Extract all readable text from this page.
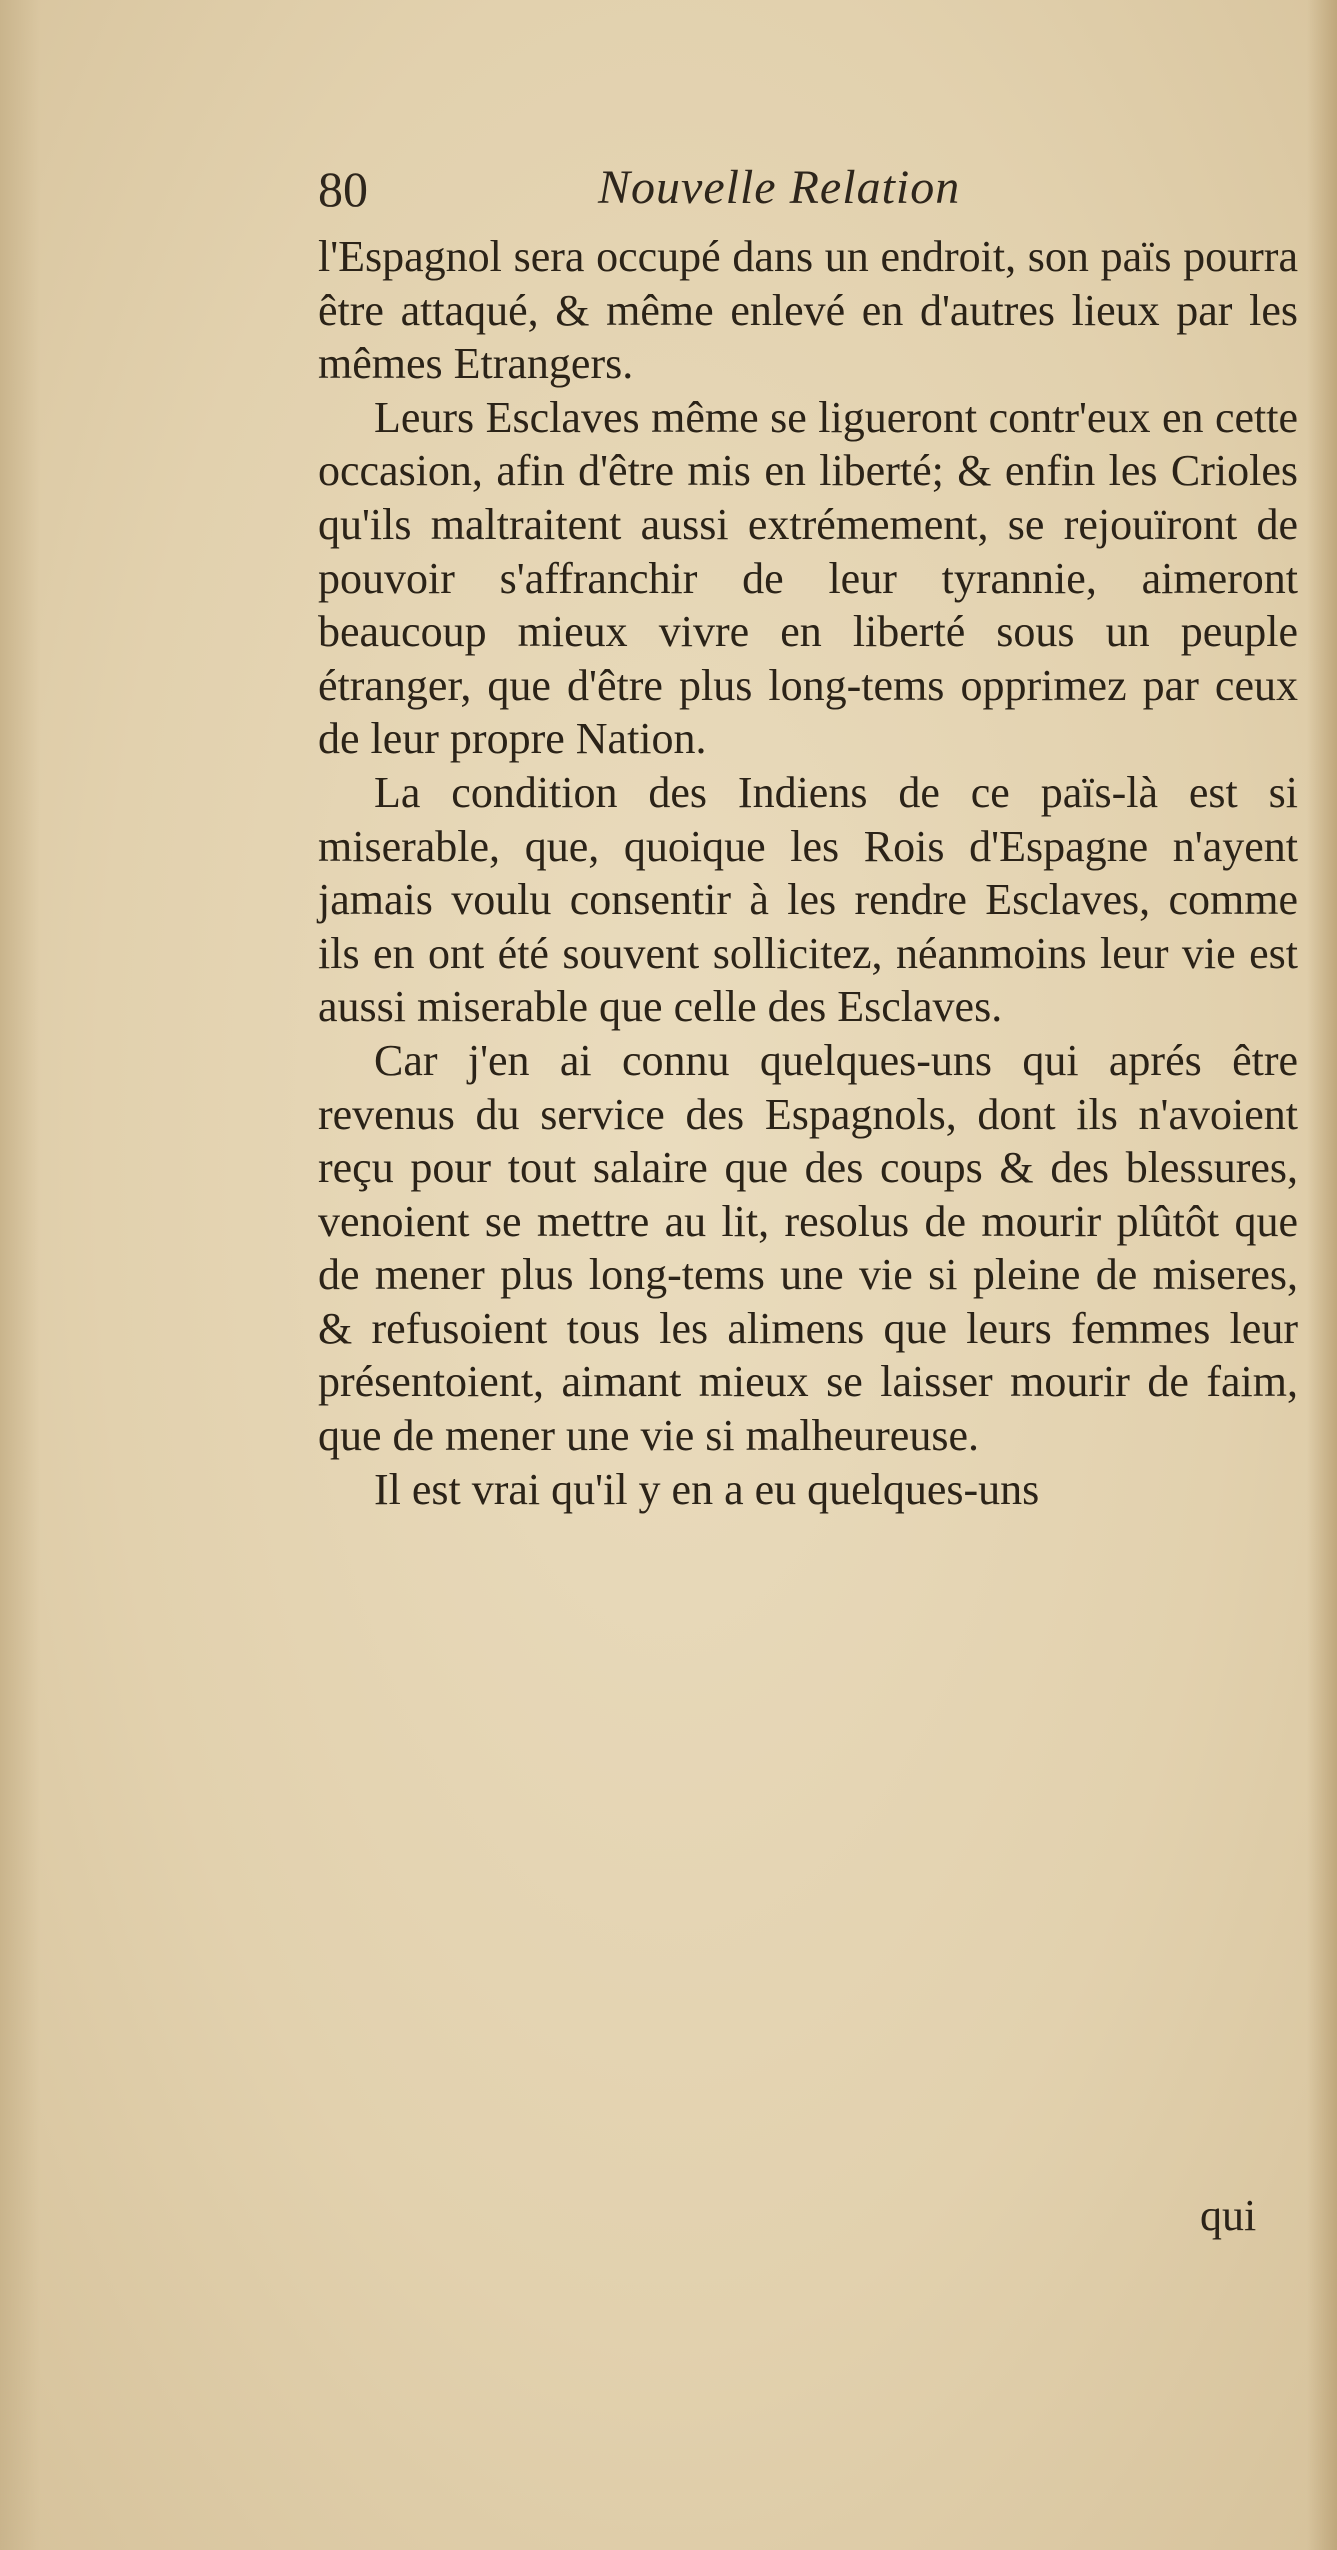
80	Nouvelle Relation

l'Espagnol sera occupé dans un endroit, son païs pourra être attaqué, & même enlevé en d'autres lieux par les mêmes Etrangers.

Leurs Esclaves même se ligueront contr'eux en cette occasion, afin d'être mis en liberté; & enfin les Crioles qu'ils maltraitent aussi extrémement, se rejouïront de pouvoir s'affranchir de leur tyrannie, aimeront beaucoup mieux vivre en liberté sous un peuple étranger, que d'être plus long-tems opprimez par ceux de leur propre Nation.

La condition des Indiens de ce païs-là est si miserable, que, quoique les Rois d'Espagne n'ayent jamais voulu consentir à les rendre Esclaves, comme ils en ont été souvent sollicitez, néanmoins leur vie est aussi miserable que celle des Esclaves.

Car j'en ai connu quelques-uns qui aprés être revenus du service des Espagnols, dont ils n'avoient reçu pour tout salaire que des coups & des blessures, venoient se mettre au lit, resolus de mourir plûtôt que de mener plus long-tems une vie si pleine de miseres, & refusoient tous les alimens que leurs femmes leur présentoient, aimant mieux se laisser mourir de faim, que de mener une vie si malheureuse.

Il est vrai qu'il y en a eu quelques-uns

qui
